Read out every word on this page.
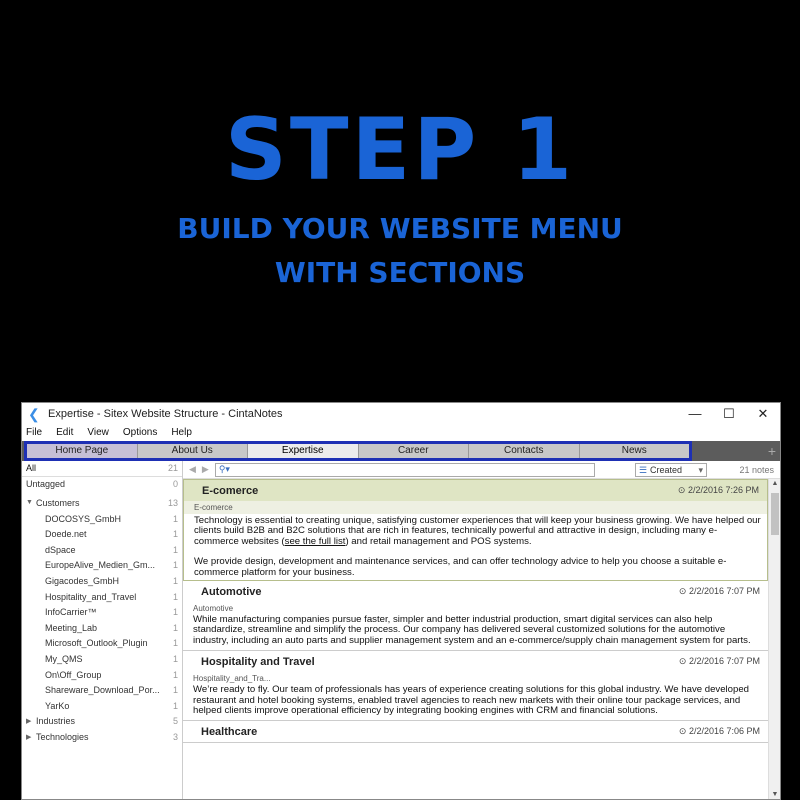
STEP 1
BUILD YOUR WEBSITE MENU
WITH SECTIONS
❮ Expertise - Sitex Website Structure - CintaNotes	—	☐	✕
File Edit View Options Help
Home Page	About Us	Expertise	Career	Contacts	News	+
All	21
Untagged	0
▼ Customers	13
DOCOSYS_GmbH	1
Doede.net	1
dSpace	1
EuropeAlive_Medien_Gm... 1
Gigacodes_GmbH	1
Hospitality_and_Travel	1
InfoCarrier™	1
Meeting_Lab	1
Microsoft_Outlook_Plugin	1
My_QMS	1
On\Off_Group	1
Shareware_Download_Por... 1
YarKo	1
▶ Industries	5
▶ Technologies	3
◀ ▶ ⚲▾	☰ Created ▾	21 notes
E-comerce	⊙ 2/2/2016 7:26 PM
E-comerce

Technology is essential to creating unique, satisfying customer experiences that will keep your business growing. We have helped our clients build B2B and B2C solutions that are rich in features, technically powerful and attractive in design, including many e-commerce websites (see the full list) and retail management and POS systems.

We provide design, development and maintenance services, and can offer technology advice to help you choose a suitable e-commerce platform for your business.

Automotive	⊙ 2/2/2016 7:07 PM
Automotive

While manufacturing companies pursue faster, simpler and better industrial production, smart digital services can also help standardize, streamline and simplify the process. Our company has delivered several customized solutions for the automotive industry, including an auto parts and supplier management system and an e-commerce/supply chain management system for parts.

Hospitality and Travel	⊙ 2/2/2016 7:07 PM
Hospitality_and_Tra...

We’re ready to fly. Our team of professionals has years of experience creating solutions for this global industry. We have developed restaurant and hotel booking systems, enabled travel agencies to reach new markets with their online tour package services, and helped clients improve operational efficiency by integrating booking engines with CRM and financial solutions.

Healthcare	⊙ 2/2/2016 7:06 PM
▲
▼
